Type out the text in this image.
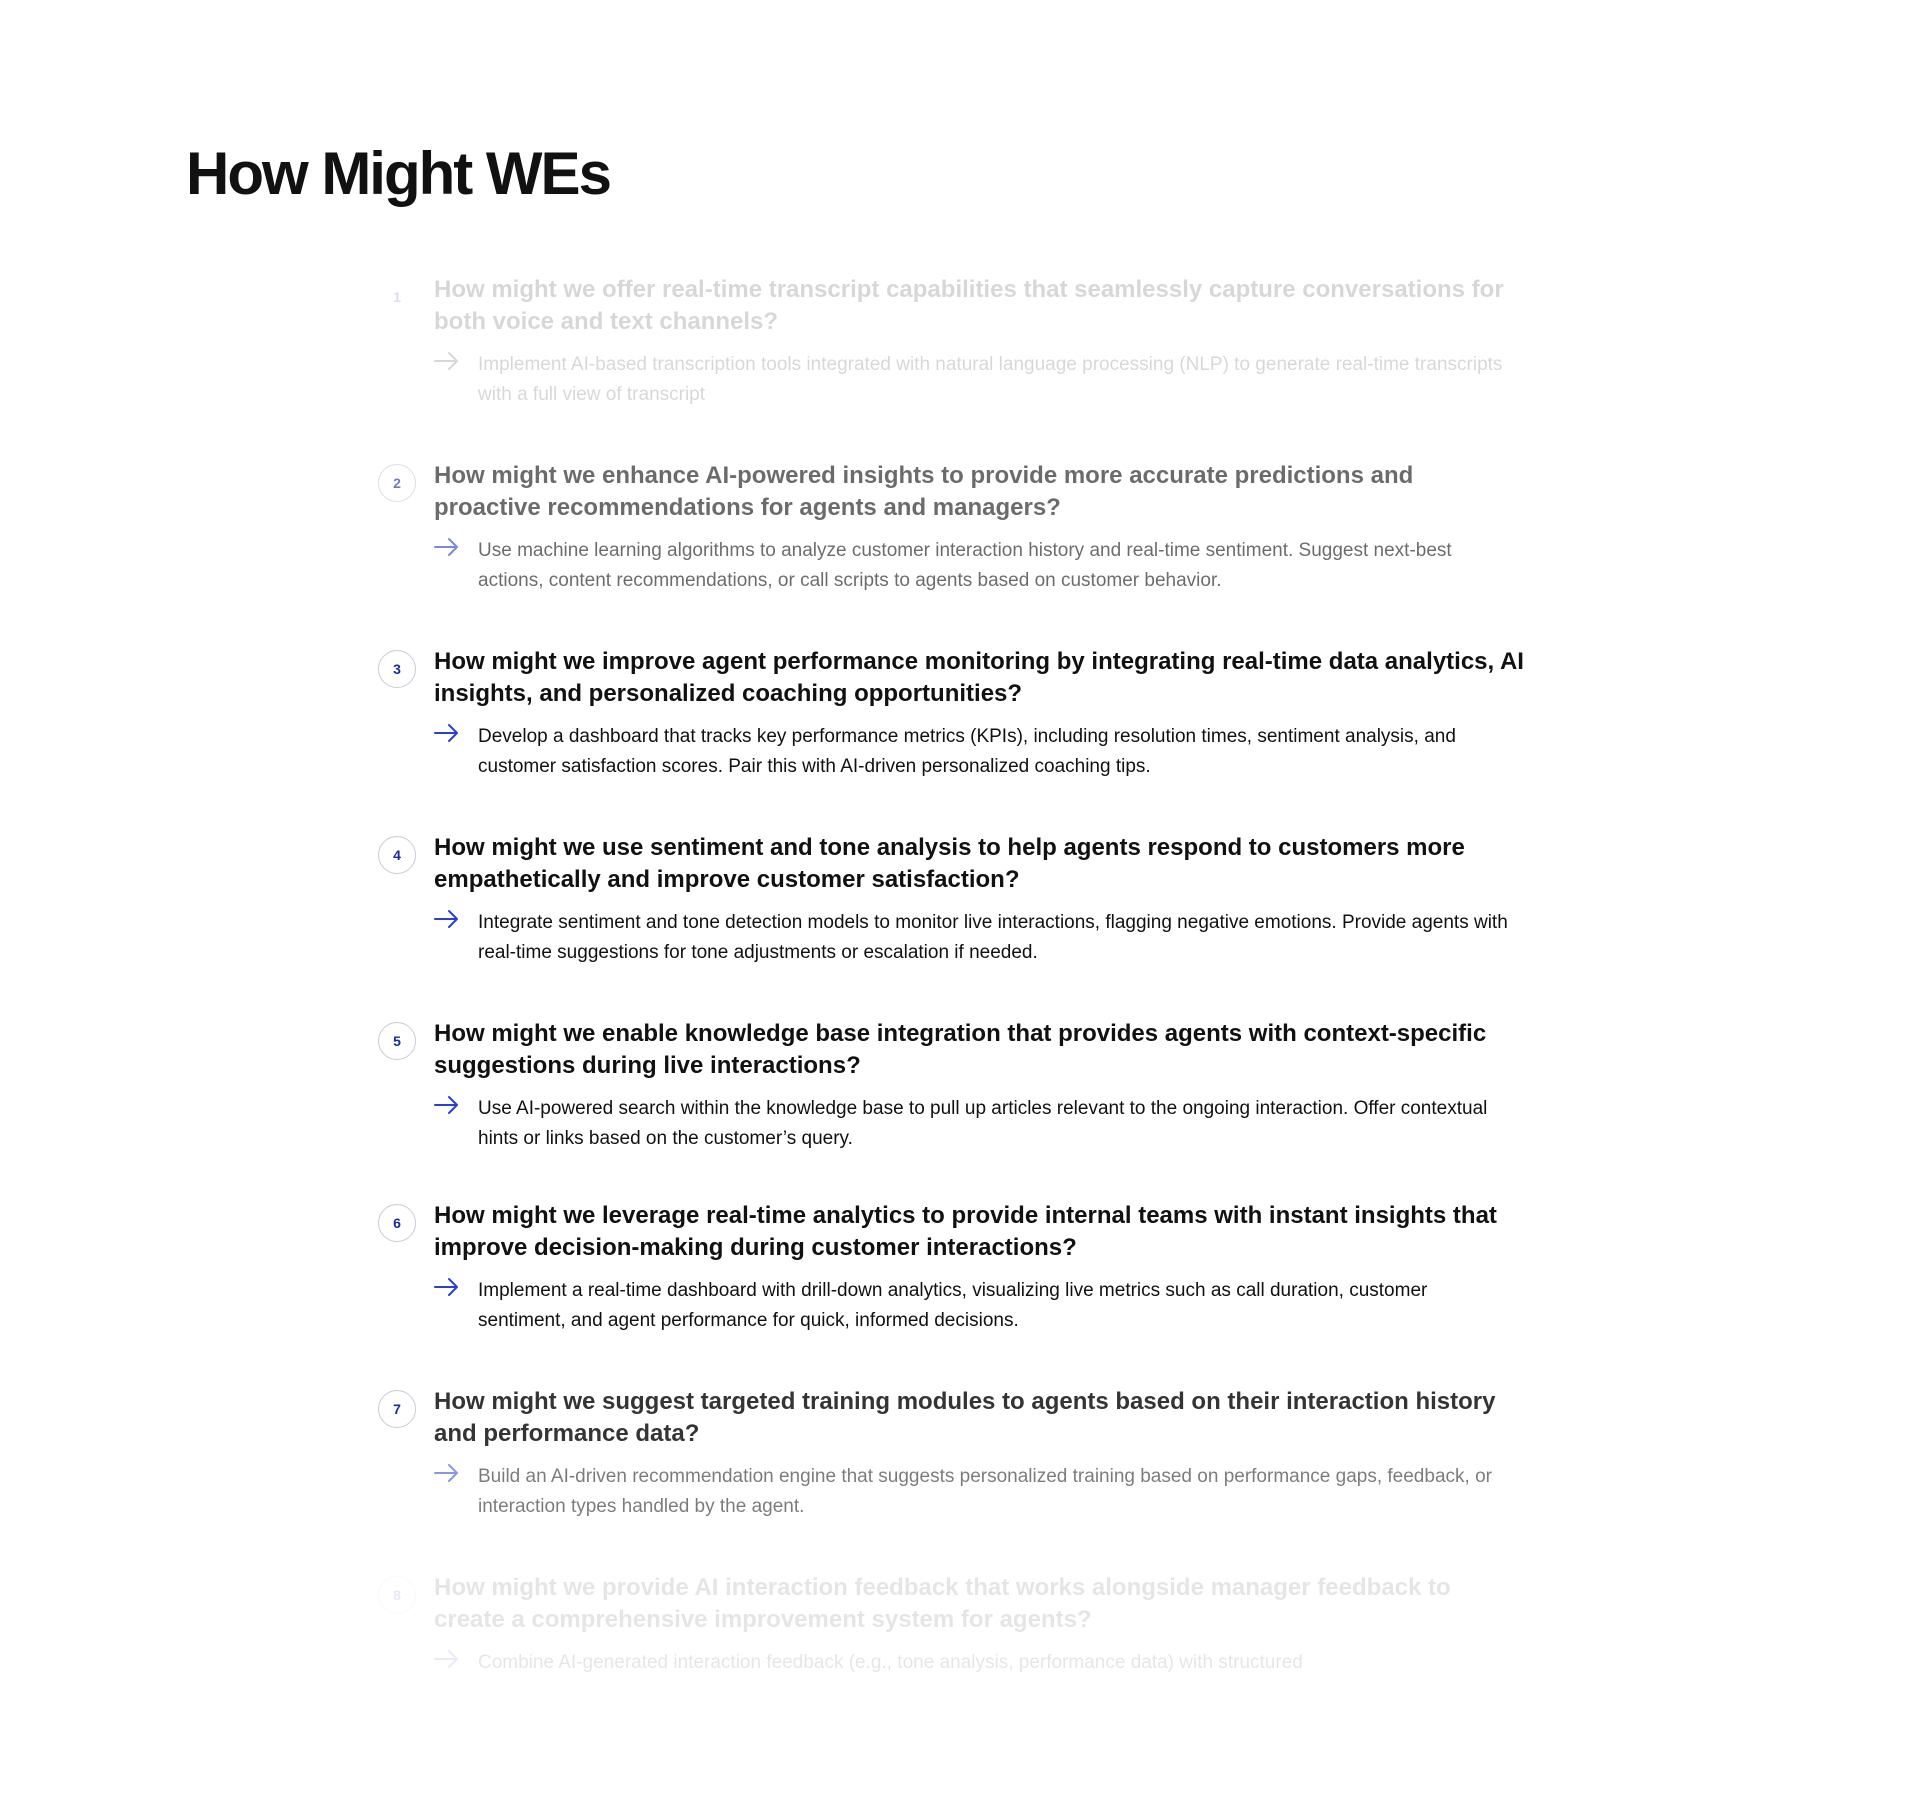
How Might WEs
1	How might we offer real-time transcript capabilities that seamlessly capture conversations for both voice and text channels?

Implement AI-based transcription tools integrated with natural language processing (NLP) to generate real-time transcripts with a full view of transcript
2	How might we enhance AI-powered insights to provide more accurate predictions and proactive recommendations for agents and managers?

Use machine learning algorithms to analyze customer interaction history and real-time sentiment. Suggest next-best actions, content recommendations, or call scripts to agents based on customer behavior.
3	How might we improve agent performance monitoring by integrating real-time data analytics, AI insights, and personalized coaching opportunities?

Develop a dashboard that tracks key performance metrics (KPIs), including resolution times, sentiment analysis, and customer satisfaction scores. Pair this with AI-driven personalized coaching tips.
4	How might we use sentiment and tone analysis to help agents respond to customers more empathetically and improve customer satisfaction?

Integrate sentiment and tone detection models to monitor live interactions, flagging negative emotions. Provide agents with real-time suggestions for tone adjustments or escalation if needed.
5	How might we enable knowledge base integration that provides agents with context-specific suggestions during live interactions?

Use AI-powered search within the knowledge base to pull up articles relevant to the ongoing interaction. Offer contextual hints or links based on the customer’s query.
6	How might we leverage real-time analytics to provide internal teams with instant insights that improve decision-making during customer interactions?

Implement a real-time dashboard with drill-down analytics, visualizing live metrics such as call duration, customer sentiment, and agent performance for quick, informed decisions.
7	How might we suggest targeted training modules to agents based on their interaction history and performance data?

Build an AI-driven recommendation engine that suggests personalized training based on performance gaps, feedback, or interaction types handled by the agent.
8	How might we provide AI interaction feedback that works alongside manager feedback to create a comprehensive improvement system for agents?

Combine AI-generated interaction feedback (e.g., tone analysis, performance data) with structured
